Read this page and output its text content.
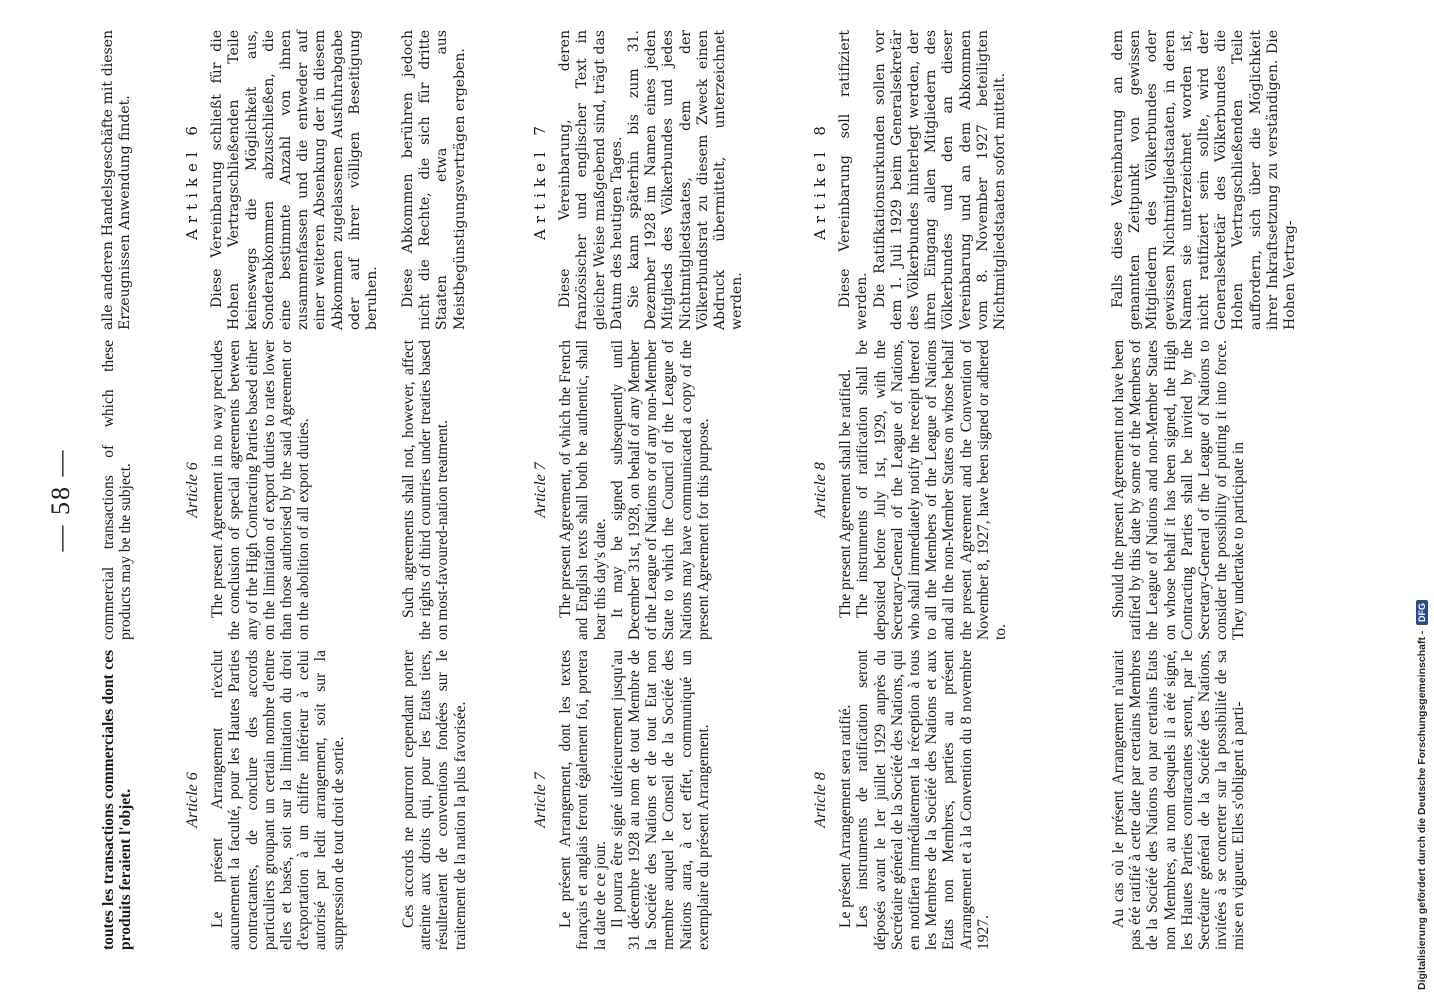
— 58 —

toutes les transactions commerciales dont ces produits feraient l'objet.	Article 6 Le présent Arrangement n'exclut aucunement la faculté, pour les Hautes Parties contractantes, de conclure des accords particuliers groupant un certain nombre d'entre elles et basés, soit sur la limitation du droit d'exportation à un chiffre inférieur à celui autorisé par ledit arrangement, soit sur la suppression de tout droit de sortie.	Ces accords ne pourront cependant porter atteinte aux droits qui, pour les Etats tiers, résulteraient de conventions fondées sur le traitement de la nation la plus favorisée.	Article 7 Le présent Arrangement, dont les textes français et anglais feront également foi, portera la date de ce jour. Il pourra être signé ultérieurement jusqu'au 31 décembre 1928 au nom de tout Membre de la Société des Nations et de tout Etat non membre auquel le Conseil de la Société des Nations aura, à cet effet, communiqué un exemplaire du présent Arrangement.	Article 8 Le présent Arrangement sera ratifié. Les instruments de ratification seront déposés avant le 1er juillet 1929 auprès du Secrétaire général de la Société des Nations, qui en notifiera immédiatement la réception à tous les Membres de la Société des Nations et aux Etats non Membres, parties au présent Arrangement et à la Convention du 8 novembre 1927.

Au cas où le présent Arrangement n'aurait pas été ratifié à cette date par certains Membres de la Société des Nations ou par certains Etats non Membres, au nom desquels il a été signé, les Hautes Parties contractantes seront, par le Secrétaire général de la Société des Nations, invitées à se concerter sur la possibilité de sa mise en vigueur. Elles s'obligent à parti-

commercial transactions of which these products may be the subject.	Article 6 The present Agreement in no way precludes the conclusion of special agreements between any of the High Contracting Parties based either on the limitation of export duties to rates lower than those authorised by the said Agreement or on the abolition of all export duties.	Such agreements shall not, however, affect the rights of third countries under treaties based on most-favoured-nation treatment.	Article 7 The present Agreement, of which the French and English texts shall both be authentic, shall bear this day's date. It may be signed subsequently until December 31st, 1928, on behalf of any Member of the League of Nations or of any non-Member State to which the Council of the League of Nations may have communicated a copy of the present Agreement for this purpose.	Article 8 The present Agreement shall be ratified. The instruments of ratification shall be deposited before July 1st, 1929, with the Secretary-General of the League of Nations, who shall immediately notify the receipt thereof to all the Members of the League of Nations and all the non-Member States on whose behalf the present Agreement and the Convention of November 8, 1927, have been signed or adhered to.

Should the present Agreement not have been ratified by this date by some of the Members of the League of Nations and non-Member States on whose behalf it has been signed, the High Contracting Parties shall be invited by the Secretary-General of the League of Nations to consider the possibility of putting it into force. They undertake to participate in

alle anderen Handelsgeschäfte mit diesen Erzeugnissen Anwendung findet.	Artikel 6 Diese Vereinbarung schließt für die Hohen Vertragschließenden Teile keineswegs die Möglichkeit aus, Sonderabkommen abzuschließen, die eine bestimmte Anzahl von ihnen zusammenfassen und die entweder auf einer weiteren Absenkung der in diesem Abkommen zugelassenen Ausfuhrabgabe oder auf ihrer völligen Beseitigung beruhen. Diese Abkommen berühren jedoch nicht die Rechte, die sich für dritte Staaten etwa aus Meistbegünstigungsverträgen ergeben.	Artikel 7 Diese Vereinbarung, deren französischer und englischer Text in gleicher Weise maßgebend sind, trägt das Datum des heutigen Tages. Sie kann späterhin bis zum 31. Dezember 1928 im Namen eines jeden Mitglieds des Völkerbundes und jedes Nichtmitgliedstaates, dem der Völkerbundsrat zu diesem Zweck einen Abdruck übermittelt, unterzeichnet werden.

Artikel 8 Diese Vereinbarung soll ratifiziert werden. Die Ratifikationsurkunden sollen vor dem 1. Juli 1929 beim Generalsekretär des Völkerbundes hinterlegt werden, der ihren Eingang allen Mitgliedern des Völkerbundes und den an dieser Vereinbarung und an dem Abkommen vom 8. November 1927 beteiligten Nichtmitgliedstaaten sofort mitteilt.	Falls diese Vereinbarung an dem genannten Zeitpunkt von gewissen Mitgliedern des Völkerbundes oder gewissen Nichtmitgliedstaaten, in deren Namen sie unterzeichnet worden ist, nicht ratifiziert sein sollte, wird der Generalsekretär des Völkerbundes die Hohen Vertragschließenden Teile auffordern, sich über die Möglichkeit ihrer Inkraftsetzung zu verständigen. Die Hohen Vertrag-

Digitalisierung gefördert durch die Deutsche Forschungsgemeinschaft -
DFG
